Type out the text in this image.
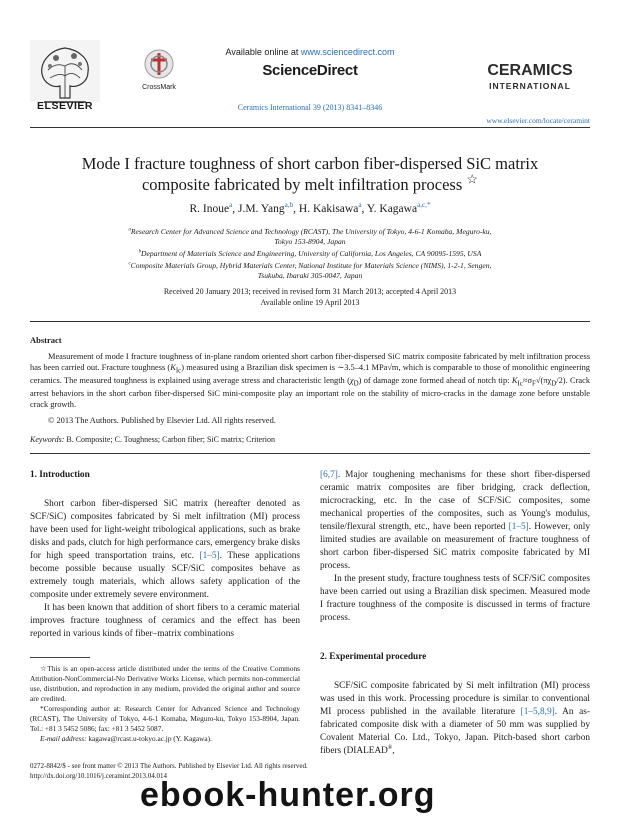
ELSEVIER
CrossMark
Available online at www.sciencedirect.com
ScienceDirect
Ceramics International 39 (2013) 8341–8346
CERAMICS
INTERNATIONAL
www.elsevier.com/locate/ceramint
Mode I fracture toughness of short carbon fiber-dispersed SiC matrix
composite fabricated by melt infiltration process ☆
R. Inoue$^a$, J.M. Yang$^{a,b}$, H. Kakisawa$^a$, Y. Kagawa$^{a,c,*}$
$^a$Research Center for Advanced Science and Technology (RCAST), The University of Tokyo, 4-6-1 Komaba, Meguro-ku,
Tokyo 153-8904, Japan
$^b$Department of Materials Science and Engineering, University of California, Los Angeles, CA 90095-1595, USA
$^c$Composite Materials Group, Hybrid Materials Center, National Institute for Materials Science (NIMS), 1-2-1, Sengen,
Tsukuba, Ibaraki 305-0047, Japan
Received 20 January 2013; received in revised form 31 March 2013; accepted 4 April 2013
Available online 19 April 2013
Abstract
Measurement of mode I fracture toughness of in-plane random oriented short carbon fiber-dispersed SiC matrix composite fabricated by melt infiltration process has been carried out. Fracture toughness $(K_{Ic})$ measured using a Brazilian disk specimen is ∼3.5–4.1 MPa√m, which is comparable to those of monolithic engineering ceramics. The measured toughness is explained using average stress and characteristic length $(\chi_D)$ of damage zone formed ahead of notch tip: $K_{Ic}\approx\sigma_F√(\pi\chi_D/2)$. Crack arrest behaviors in the short carbon fiber-dispersed SiC mini-composite play an important role on the stability of micro-cracks in the damage zone before unstable crack growth.
© 2013 The Authors. Published by Elsevier Ltd. All rights reserved.
Keywords: B. Composite; C. Toughness; Carbon fiber; SiC matrix; Criterion
1. Introduction

Short carbon fiber-dispersed SiC matrix (hereafter denoted as SCF/SiC) composites fabricated by Si melt infiltration (MI) process have been used for light-weight tribological applications, such as brake disks and pads, clutch for high performance cars, emergency brake disks for high speed transportation trains, etc. [1–5]. These applications become possible because usually SCF/SiC composites behave as extremely tough materials, which allows safety application of the composite under extremely severe environment.

It has been known that addition of short fibers to a ceramic material improves fracture toughness of ceramics and the effect has been reported in various kinds of fiber–matrix combinations

☆This is an open-access article distributed under the terms of the Creative Commons Attribution-NonCommercial-No Derivative Works License, which permits non-commercial use, distribution, and reproduction in any medium, provided the original author and source are credited.

*Corresponding author at: Research Center for Advanced Science and Technology (RCAST), The University of Tokyo, 4-6-1 Komaba, Meguro-ku, Tokyo 153-8904, Japan. Tel.: +81 3 5452 5086; fax: +81 3 5452 5087.

E-mail address: kagawa@rcast.u-tokyo.ac.jp (Y. Kagawa).

[6,7]. Major toughening mechanisms for these short fiber-dispersed ceramic matrix composites are fiber bridging, crack deflection, microcracking, etc. In the case of SCF/SiC composites, some mechanical properties of the composites, such as Young's modulus, tensile/flexural strength, etc., have been reported [1–5]. However, only limited studies are available on measurement of fracture toughness of short carbon fiber-dispersed SiC matrix composite fabricated by MI process.

In the present study, fracture toughness tests of SCF/SiC composites have been carried out using a Brazilian disk specimen. Measured mode I fracture toughness of the composite is discussed in terms of fracture process.

2. Experimental procedure

SCF/SiC composite fabricated by Si melt infiltration (MI) process was used in this work. Processing procedure is similar to conventional MI process published in the available literature [1–5,8,9]. An as-fabricated composite disk with a diameter of 50 mm was supplied by Covalent Material Co. Ltd., Tokyo, Japan. Pitch-based short carbon fibers (DIALEAD®,

0272-8842/$ - see front matter © 2013 The Authors. Published by Elsevier Ltd. All rights reserved.
http://dx.doi.org/10.1016/j.ceramint.2013.04.014
ebook-hunter.org
